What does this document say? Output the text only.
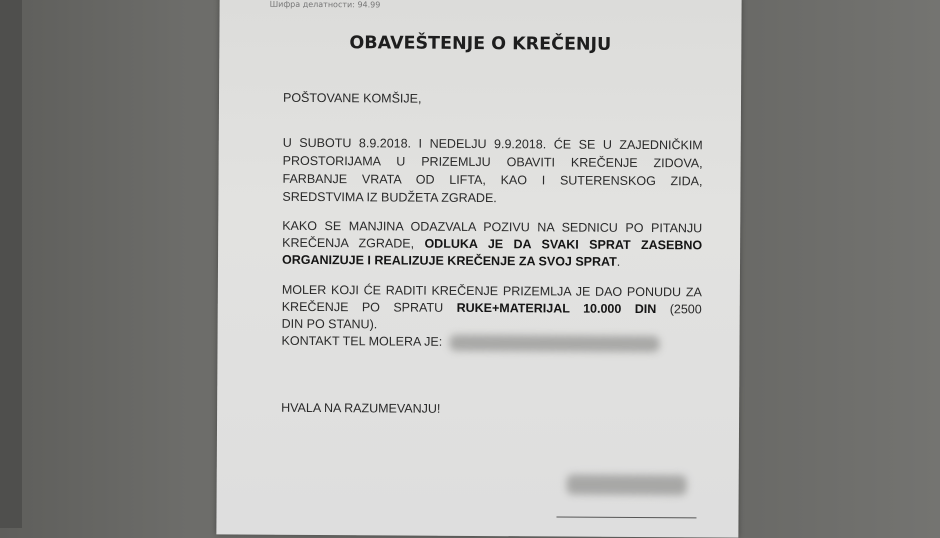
Шифра делатности: 94.99
OBAVEŠTENJE O KREČENJU
POŠTOVANE KOMŠIJE,
U SUBOTU 8.9.2018. I NEDELJU 9.9.2018. ĆE SE U ZAJEDNIČKIM
PROSTORIJAMA U PRIZEMLJU OBAVITI KREČENJE ZIDOVA,
FARBANJE VRATA OD LIFTA, KAO I SUTERENSKOG ZIDA,
SREDSTVIMA IZ BUDŽETA ZGRADE.
KAKO SE MANJINA ODAZVALA POZIVU NA SEDNICU PO PITANJU
KREČENJA ZGRADE, ODLUKA JE DA SVAKI SPRAT ZASEBNO
ORGANIZUJE I REALIZUJE KREČENJE ZA SVOJ SPRAT.
MOLER KOJI ĆE RADITI KREČENJE PRIZEMLJA JE DAO PONUDU ZA
KREČENJE PO SPRATU RUKE+MATERIJAL 10.000 DIN (2500
DIN PO STANU).
KONTAKT TEL MOLERA JE:
HVALA NA RAZUMEVANJU!
